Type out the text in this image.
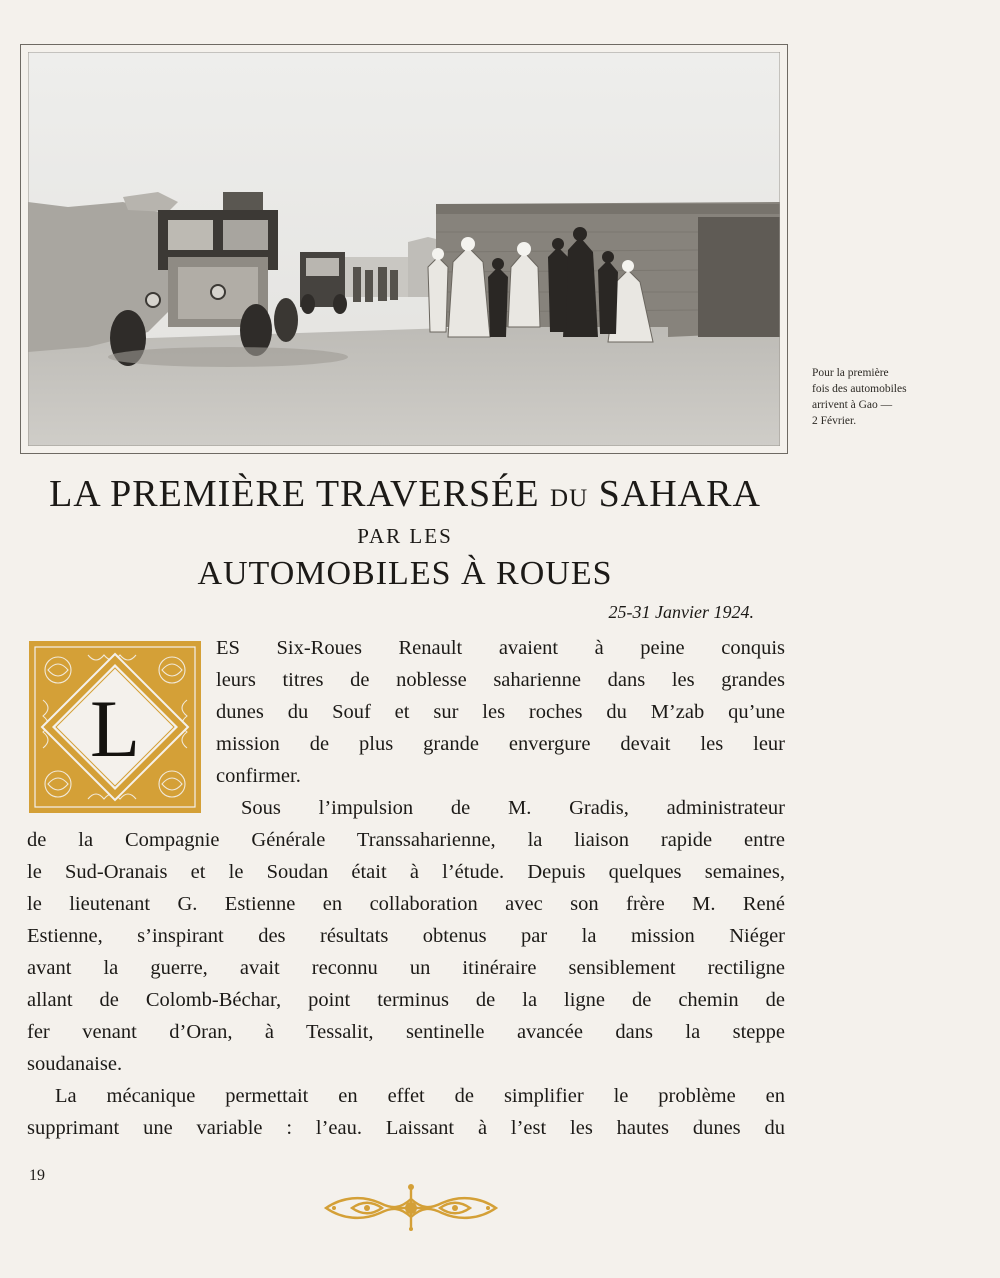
Pour la première
fois des automobiles
arrivent à Gao —
2 Février.

LA PREMIÈRE TRAVERSÉE DU SAHARA
PAR LES
AUTOMOBILES À ROUES

25-31 Janvier 1924.

L

ES Six-Roues Renault avaient à peine conquis

leurs titres de noblesse saharienne dans les grandes

dunes du Souf et sur les roches du M’zab qu’une

mission de plus grande envergure devait les leur

confirmer.

Sous l’impulsion de M. Gradis, administrateur

de la Compagnie Générale Transsaharienne, la liaison rapide entre

le Sud-Oranais et le Soudan était à l’étude. Depuis quelques semaines,

le lieutenant G. Estienne en collaboration avec son frère M. René

Estienne, s’inspirant des résultats obtenus par la mission Niéger

avant la guerre, avait reconnu un itinéraire sensiblement rectiligne

allant de Colomb-Béchar, point terminus de la ligne de chemin de

fer venant d’Oran, à Tessalit, sentinelle avancée dans la steppe

soudanaise.

La mécanique permettait en effet de simplifier le problème en

supprimant une variable : l’eau. Laissant à l’est les hautes dunes du

19
